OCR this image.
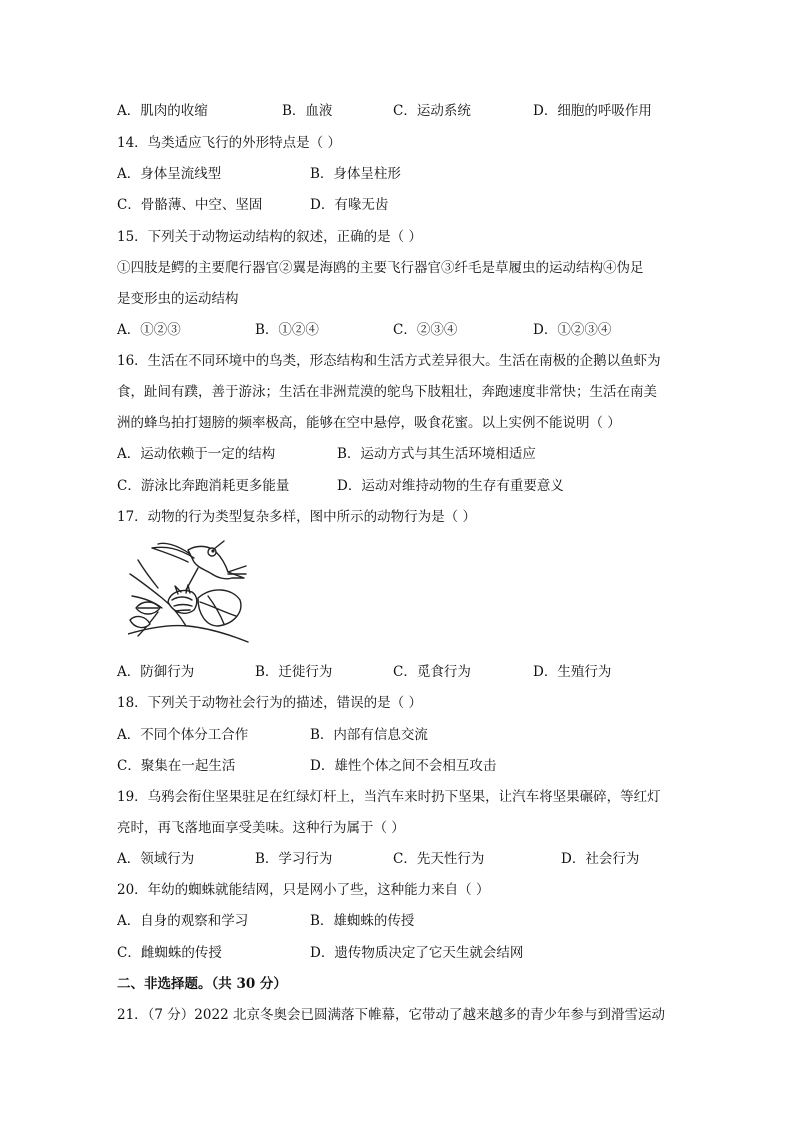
A．肌肉的收缩	B．血液	C．运动系统	D．细胞的呼吸作用
14．鸟类适应飞行的外形特点是（ ）
A．身体呈流线型	B．身体呈柱形
C．骨骼薄、中空、坚固	D．有喙无齿
15．下列关于动物运动结构的叙述，正确的是（ ）
①四肢是鳄的主要爬行器官②翼是海鸥的主要飞行器官③纤毛是草履虫的运动结构④伪足
是变形虫的运动结构
A．①②③	B．①②④	C．②③④	D．①②③④
16．生活在不同环境中的鸟类，形态结构和生活方式差异很大。生活在南极的企鹅以鱼虾为
食，趾间有蹼，善于游泳；生活在非洲荒漠的鸵鸟下肢粗壮，奔跑速度非常快；生活在南美
洲的蜂鸟拍打翅膀的频率极高，能够在空中悬停，吸食花蜜。以上实例不能说明（ ）
A．运动依赖于一定的结构	B．运动方式与其生活环境相适应
C．游泳比奔跑消耗更多能量	D．运动对维持动物的生存有重要意义
17．动物的行为类型复杂多样，图中所示的动物行为是（ ）
A．防御行为	B．迁徙行为	C．觅食行为	D．生殖行为
18．下列关于动物社会行为的描述，错误的是（ ）
A．不同个体分工合作	B．内部有信息交流
C．聚集在一起生活	D．雄性个体之间不会相互攻击
19．乌鸦会衔住坚果驻足在红绿灯杆上，当汽车来时扔下坚果，让汽车将坚果碾碎，等红灯
亮时，再飞落地面享受美味。这种行为属于（ ）
A．领域行为	B．学习行为	C．先天性行为	D．社会行为
20．年幼的蜘蛛就能结网，只是网小了些，这种能力来自（ ）
A．自身的观察和学习	B．雄蜘蛛的传授
C．雌蜘蛛的传授	D．遗传物质决定了它天生就会结网
二、非选择题。（共 30 分）
21．（7 分）2022 北京冬奥会已圆满落下帷幕，它带动了越来越多的青少年参与到滑雪运动
